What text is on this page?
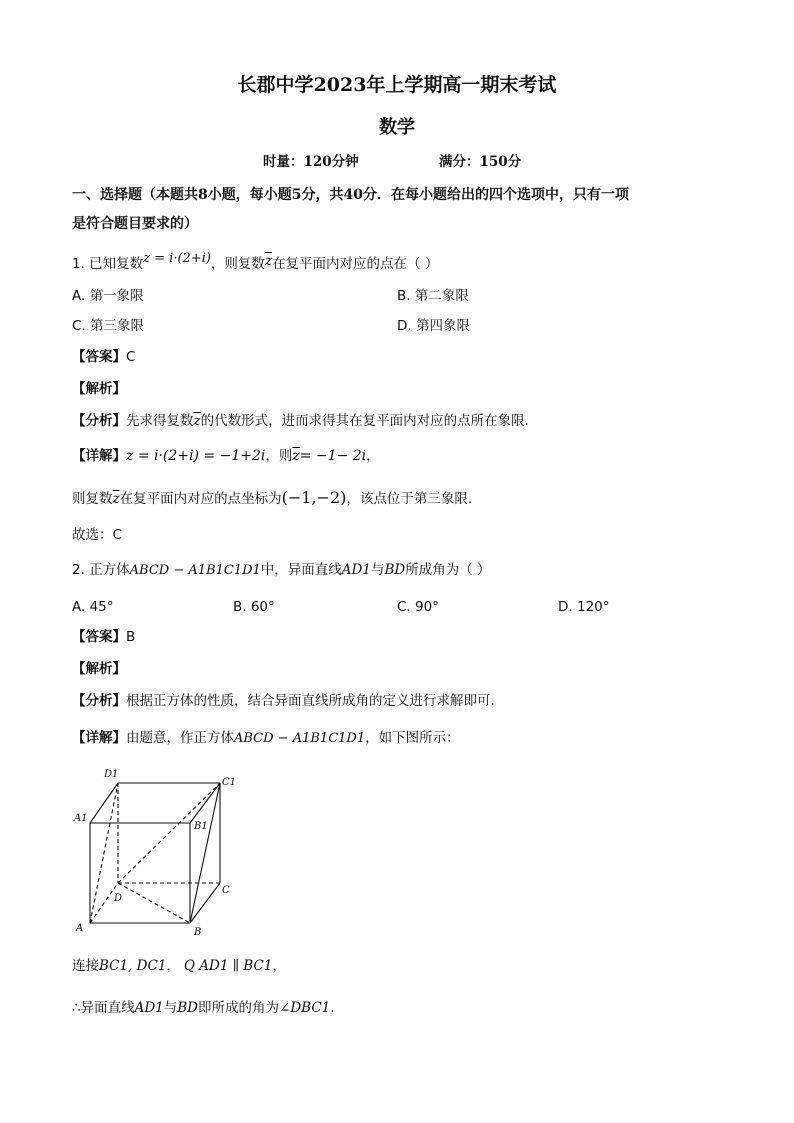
长郡中学2023年上学期高一期末考试
数学
时量：120分钟	满分：150分
一、选择题（本题共8小题，每小题5分，共40分．在每小题给出的四个选项中，只有一项
是符合题目要求的）
1. 已知复数z = i·(2+i)，则复数$\overline{z}$在复平面内对应的点在（ ）
A. 第一象限	B. 第二象限
C. 第三象限	D. 第四象限
【答案】C
【解析】
【分析】先求得复数$\overline{z}$的代数形式，进而求得其在复平面内对应的点所在象限.
【详解】z = i·(2+i) = −1+2i，则$\overline{z}= -1- 2i$，
则复数$\overline{z}$在复平面内对应的点坐标为(−1,−2)，该点位于第三象限.
故选：C
2. 正方体ABCD − A1B1C1D1中，异面直线AD1与BD所成角为（ ）
A. 45°	B. 60°	C. 90°	D. 120°
【答案】B
【解析】
【分析】根据正方体的性质，结合异面直线所成角的定义进行求解即可.
【详解】由题意，作正方体ABCD − A1B1C1D1，如下图所示：
D1
C1
A1
B1
C
D
A	B
连接BC1, DC1， Q AD1 ∥ BC1，
∴异面直线AD1与BD即所成的角为∠DBC1.
